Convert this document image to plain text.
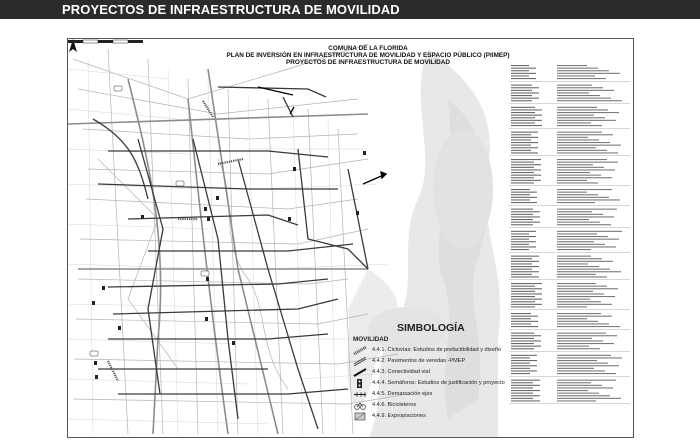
PROYECTOS DE INFRAESTRUCTURA DE MOVILIDAD
COMUNA DE LA FLORIDA
PLAN DE INVERSIÓN EN INFRAESTRUCTURA DE MOVILIDAD Y ESPACIO PÚBLICO (PIIMEP)
PROYECTOS DE INFRAESTRUCTURA DE MOVILIDAD
SIMBOLOGÍA
MOVILIDAD
4.4.1. Ciclovías: Estudios de prefactibilidad y diseño
4.4.2. Pavimentos de veredas -PMEP
4.4.3. Conectividad vial
4.4.4. Semáforos: Estudios de justificación y proyecto
4.4.5. Demarcación ejes
4.4.6. Bicicleteros
4.4.9. Expropiaciones
